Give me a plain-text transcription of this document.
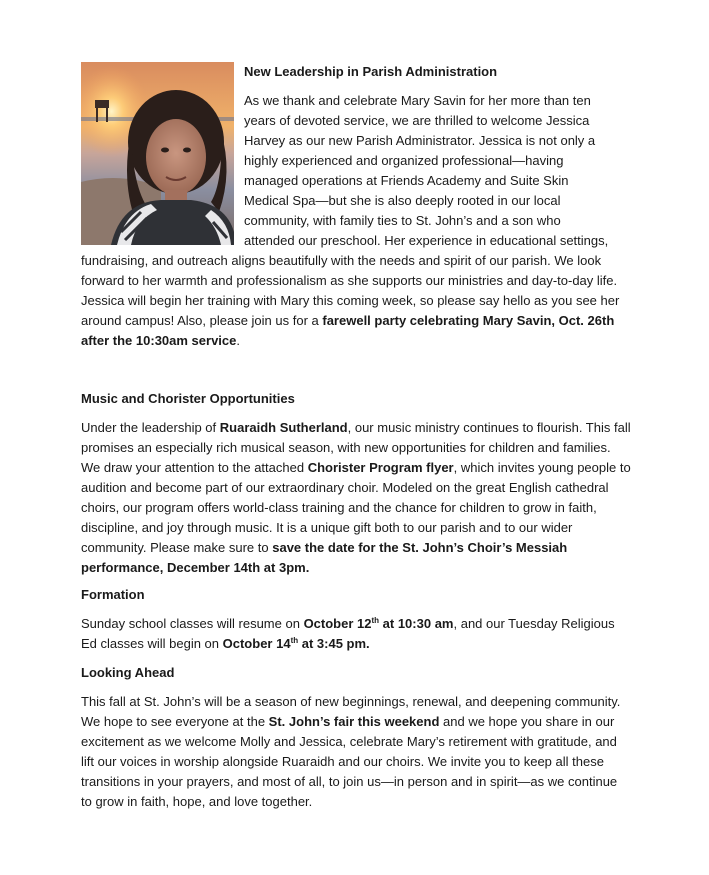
New Leadership in Parish Administration

As we thank and celebrate Mary Savin for her more than ten
years of devoted service, we are thrilled to welcome Jessica
Harvey as our new Parish Administrator. Jessica is not only a
highly experienced and organized professional—having
managed operations at Friends Academy and Suite Skin
Medical Spa—but she is also deeply rooted in our local
community, with family ties to St. John’s and a son who

attended our preschool. Her experience in educational settings,

fundraising, and outreach aligns beautifully with the needs and spirit of our parish. We look forward to her warmth and professionalism as she supports our ministries and day-to-day life. Jessica will begin her training with Mary this coming week, so please say hello as you see her around campus! Also, please join us for a farewell party celebrating Mary Savin, Oct. 26th after the 10:30am service.

Music and Chorister Opportunities

Under the leadership of Ruaraidh Sutherland, our music ministry continues to flourish. This fall promises an especially rich musical season, with new opportunities for children and families. We draw your attention to the attached Chorister Program flyer, which invites young people to audition and become part of our extraordinary choir. Modeled on the great English cathedral choirs, our program offers world-class training and the chance for children to grow in faith, discipline, and joy through music. It is a unique gift both to our parish and to our wider community. Please make sure to save the date for the St. John’s Choir’s Messiah performance, December 14th at 3pm.

Formation

Sunday school classes will resume on October 12th at 10:30 am, and our Tuesday Religious Ed classes will begin on October 14th at 3:45 pm.

Looking Ahead

This fall at St. John’s will be a season of new beginnings, renewal, and deepening community. We hope to see everyone at the St. John’s fair this weekend and we hope you share in our excitement as we welcome Molly and Jessica, celebrate Mary’s retirement with gratitude, and lift our voices in worship alongside Ruaraidh and our choirs. We invite you to keep all these transitions in your prayers, and most of all, to join us—in person and in spirit—as we continue to grow in faith, hope, and love together.
